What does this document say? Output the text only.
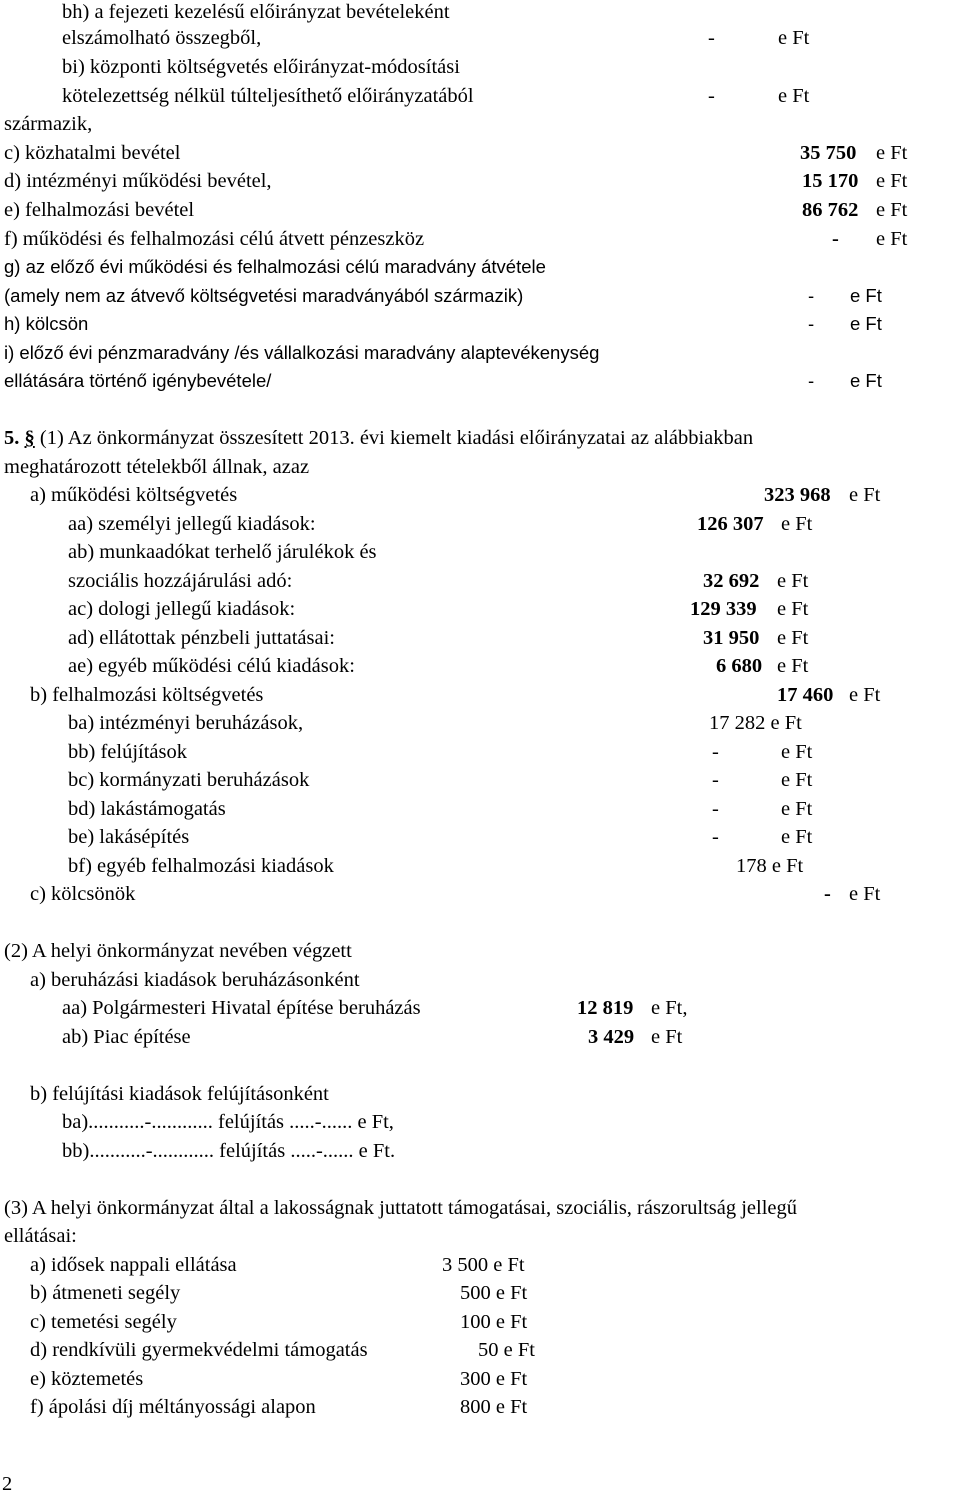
bh) a fejezeti kezelésű előirányzat bevételeként
elszámolható összegből,	-	e Ft
bi) központi költségvetés előirányzat-módosítási
kötelezettség nélkül túlteljesíthető előirányzatából	-	e Ft
származik,
c) közhatalmi bevétel	35 750 e Ft
d) intézményi működési bevétel,	15 170 e Ft
e) felhalmozási bevétel	86 762 e Ft
f) működési és felhalmozási célú átvett pénzeszköz	- e Ft
g) az előző évi működési és felhalmozási célú maradvány átvétele
(amely nem az átvevő költségvetési maradványából származik)	- e Ft
h) kölcsön	- e Ft
i) előző évi pénzmaradvány /és vállalkozási maradvány alaptevékenység
ellátására történő igénybevétele/	- e Ft
5. § (1) Az önkormányzat összesített 2013. évi kiemelt kiadási előirányzatai az alábbiakban
meghatározott tételekből állnak, azaz
a) működési költségvetés	323 968 e Ft
aa) személyi jellegű kiadások:	126 307 e Ft
ab) munkaadókat terhelő járulékok és
szociális hozzájárulási adó:	32 692 e Ft
ac) dologi jellegű kiadások:	129 339 e Ft
ad) ellátottak pénzbeli juttatásai:	31 950 e Ft
ae) egyéb működési célú kiadások:	6 680 e Ft
b) felhalmozási költségvetés	17 460 e Ft
ba) intézményi beruházások,	17 282 e Ft
bb) felújítások	-	e Ft
bc) kormányzati beruházások	-	e Ft
bd) lakástámogatás	-	e Ft
be) lakásépítés	-	e Ft
bf) egyéb felhalmozási kiadások	178 e Ft
c) kölcsönök	- e Ft
(2) A helyi önkormányzat nevében végzett
a) beruházási kiadások beruházásonként
aa) Polgármesteri Hivatal építése beruházás	12 819 e Ft,
ab) Piac építése	3 429 e Ft
b) felújítási kiadások felújításonként
ba)...........-............ felújítás .....-...... e Ft,
bb)...........-............ felújítás .....-...... e Ft.
(3) A helyi önkormányzat által a lakosságnak juttatott támogatásai, szociális, rászorultság jellegű
ellátásai:
a) idősek nappali ellátása	3 500 e Ft
b) átmeneti segély	500 e Ft
c) temetési segély	100 e Ft
d) rendkívüli gyermekvédelmi támogatás	50 e Ft
e) köztemetés	300 e Ft
f) ápolási díj méltányossági alapon	800 e Ft
2
